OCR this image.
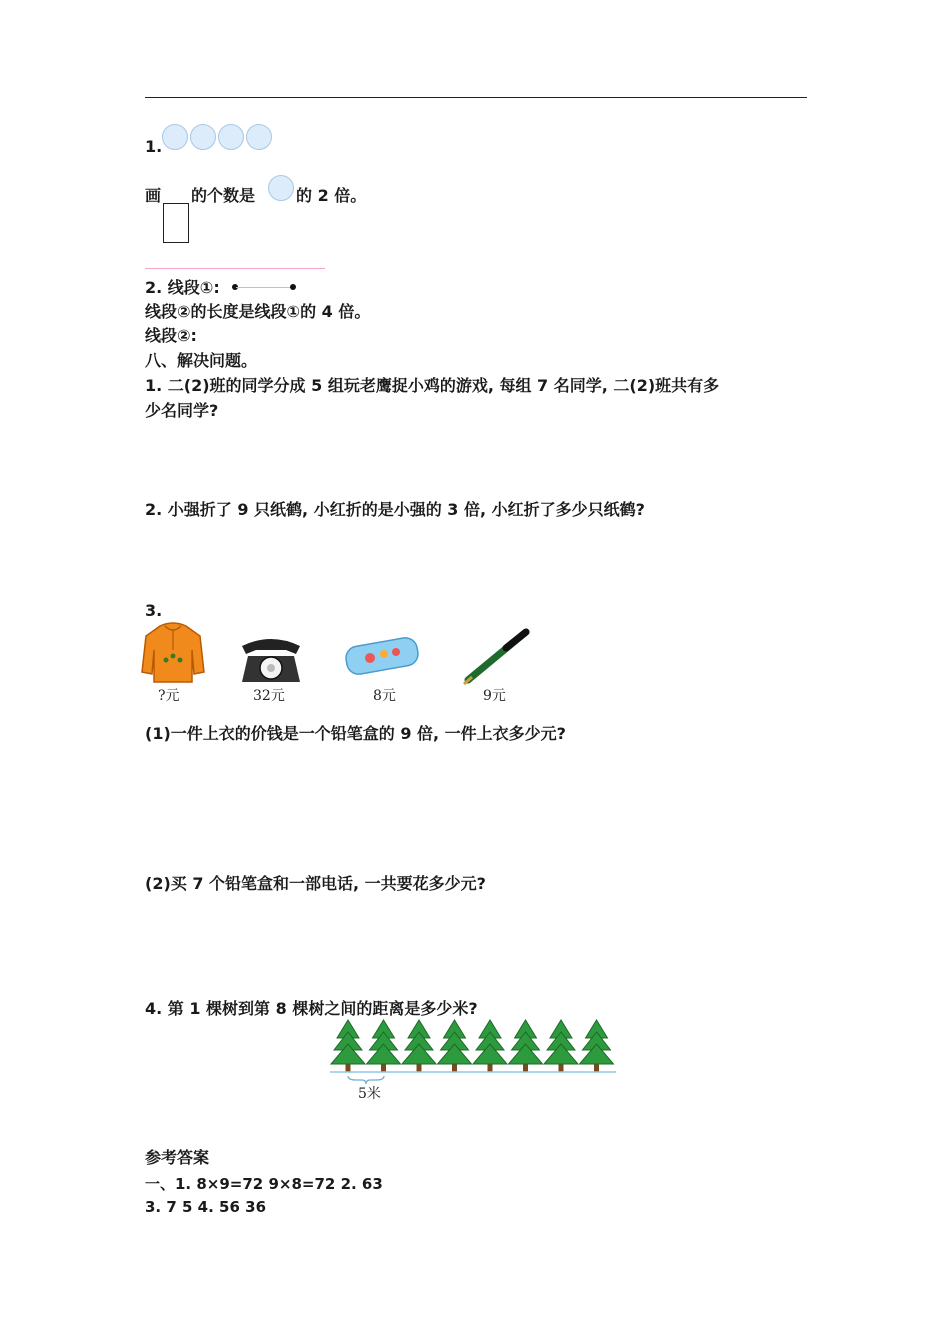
1.
画 的个数是	的 2 倍。
2. 线段①:
线段②的长度是线段①的 4 倍。
线段②:
八、解决问题。
1. 二(2)班的同学分成 5 组玩老鹰捉小鸡的游戏, 每组 7 名同学, 二(2)班共有多
少名同学?
2. 小强折了 9 只纸鹤, 小红折的是小强的 3 倍, 小红折了多少只纸鹤?
3.
?元	32元	8元	9元
(1)一件上衣的价钱是一个铅笔盒的 9 倍, 一件上衣多少元?
(2)买 7 个铅笔盒和一部电话, 一共要花多少元?
4. 第 1 棵树到第 8 棵树之间的距离是多少米?
5米
参考答案
一、1. 8×9=72 9×8=72 2. 63
3. 7 5 4. 56 36
